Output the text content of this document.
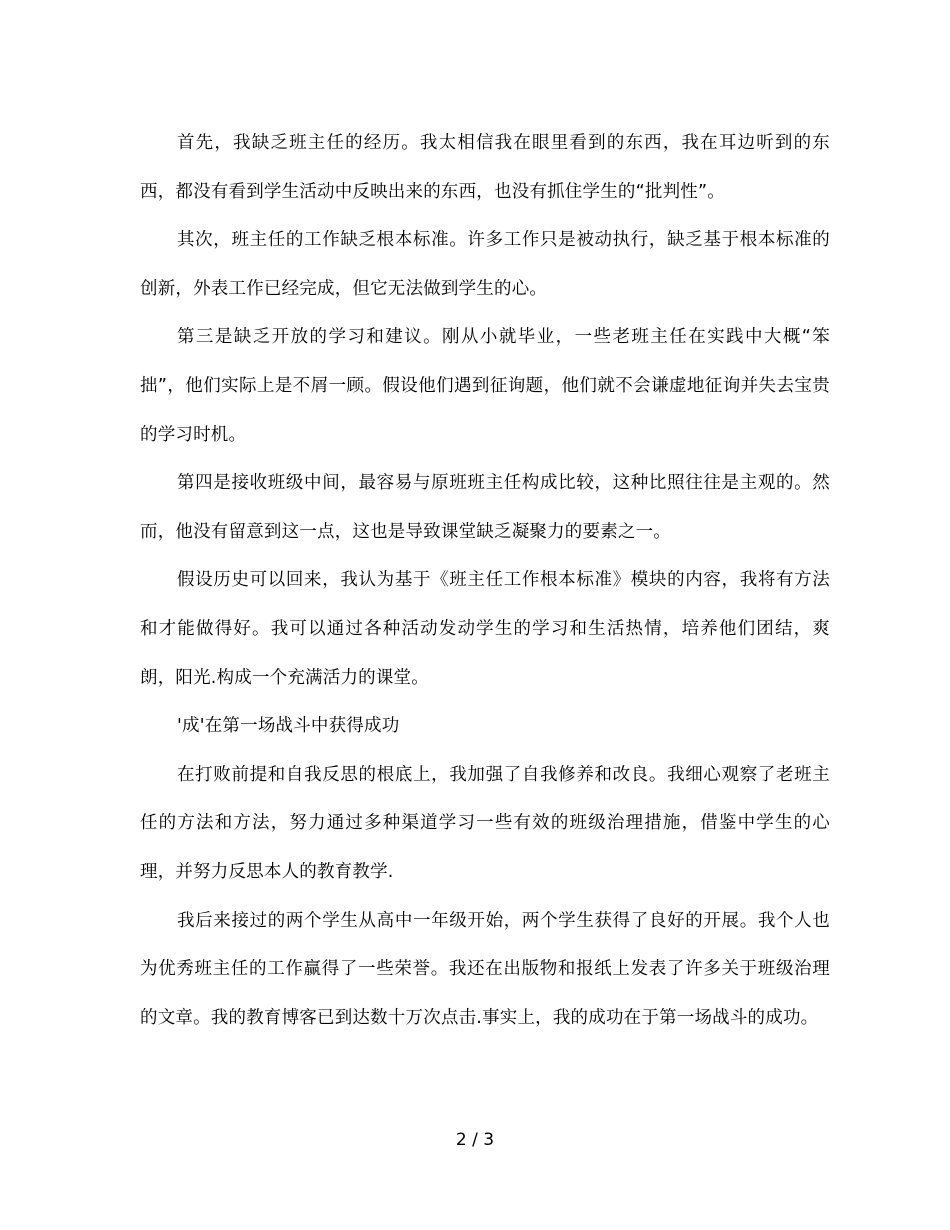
首先，我缺乏班主任的经历。我太相信我在眼里看到的东西，我在耳边听到的东西，都没有看到学生活动中反映出来的东西，也没有抓住学生的“批判性”。

其次，班主任的工作缺乏根本标准。许多工作只是被动执行，缺乏基于根本标准的创新，外表工作已经完成，但它无法做到学生的心。

第三是缺乏开放的学习和建议。刚从小就毕业，一些老班主任在实践中大概“笨拙”，他们实际上是不屑一顾。假设他们遇到征询题，他们就不会谦虚地征询并失去宝贵的学习时机。

第四是接收班级中间，最容易与原班班主任构成比较，这种比照往往是主观的。然而，他没有留意到这一点，这也是导致课堂缺乏凝聚力的要素之一。

假设历史可以回来，我认为基于《班主任工作根本标准》模块的内容，我将有方法和才能做得好。我可以通过各种活动发动学生的学习和生活热情，培养他们团结，爽朗，阳光.构成一个充满活力的课堂。

'成'在第一场战斗中获得成功

在打败前提和自我反思的根底上，我加强了自我修养和改良。我细心观察了老班主任的方法和方法，努力通过多种渠道学习一些有效的班级治理措施，借鉴中学生的心理，并努力反思本人的教育教学.

我后来接过的两个学生从高中一年级开始，两个学生获得了良好的开展。我个人也为优秀班主任的工作赢得了一些荣誉。我还在出版物和报纸上发表了许多关于班级治理的文章。我的教育博客已到达数十万次点击.事实上，我的成功在于第一场战斗的成功。

2 / 3
